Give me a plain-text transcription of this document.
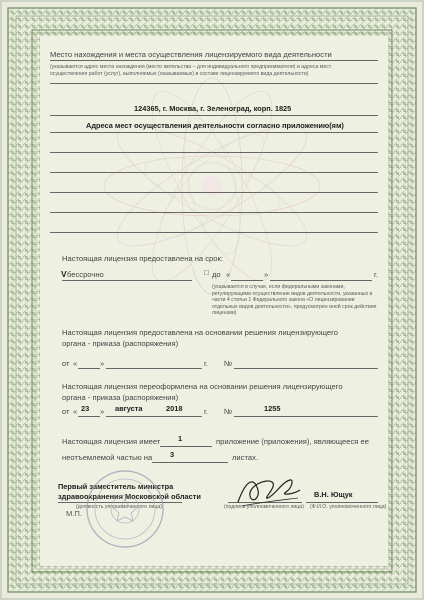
Место нахождения и места осуществления лицензируемого вида деятельности
(указываются адрес места нахождения (место жительства – для индивидуального предпринимателя) и адреса мест
осуществления работ (услуг), выполняемых (оказываемых) в составе лицензируемого вида деятельности)
124365, г. Москва, г. Зеленоград, корп. 1825
Адреса мест осуществления деятельности согласно приложению(ям)
Настоящая лицензия предоставлена на срок:
V бессрочно	□ до «	»	г.
(указывается в случае, если федеральными законами, регулирующими осуществление видов деятельности, указанных в части 4 статьи 1 Федерального закона «О лицензировании отдельных видов деятельности», предусмотрен иной срок действия лицензии)
Настоящая лицензия предоставлена на основании решения лицензирующего
органа - приказа (распоряжения)
от «	»	г. №
Настоящая лицензия переоформлена на основании решения лицензирующего
органа - приказа (распоряжения)
от « 23 » августа	2018	г. №	1255
Настоящая лицензия имеет 1	приложение (приложения), являющееся ее
неотъемлемой частью на 3	листах.
Первый заместитель министра
здравоохранения Московской области
(должность уполномоченного лица)	(подпись уполномоченного лица)
В.Н. Ющук
(Ф.И.О. уполномоченного лица)
М.П.
